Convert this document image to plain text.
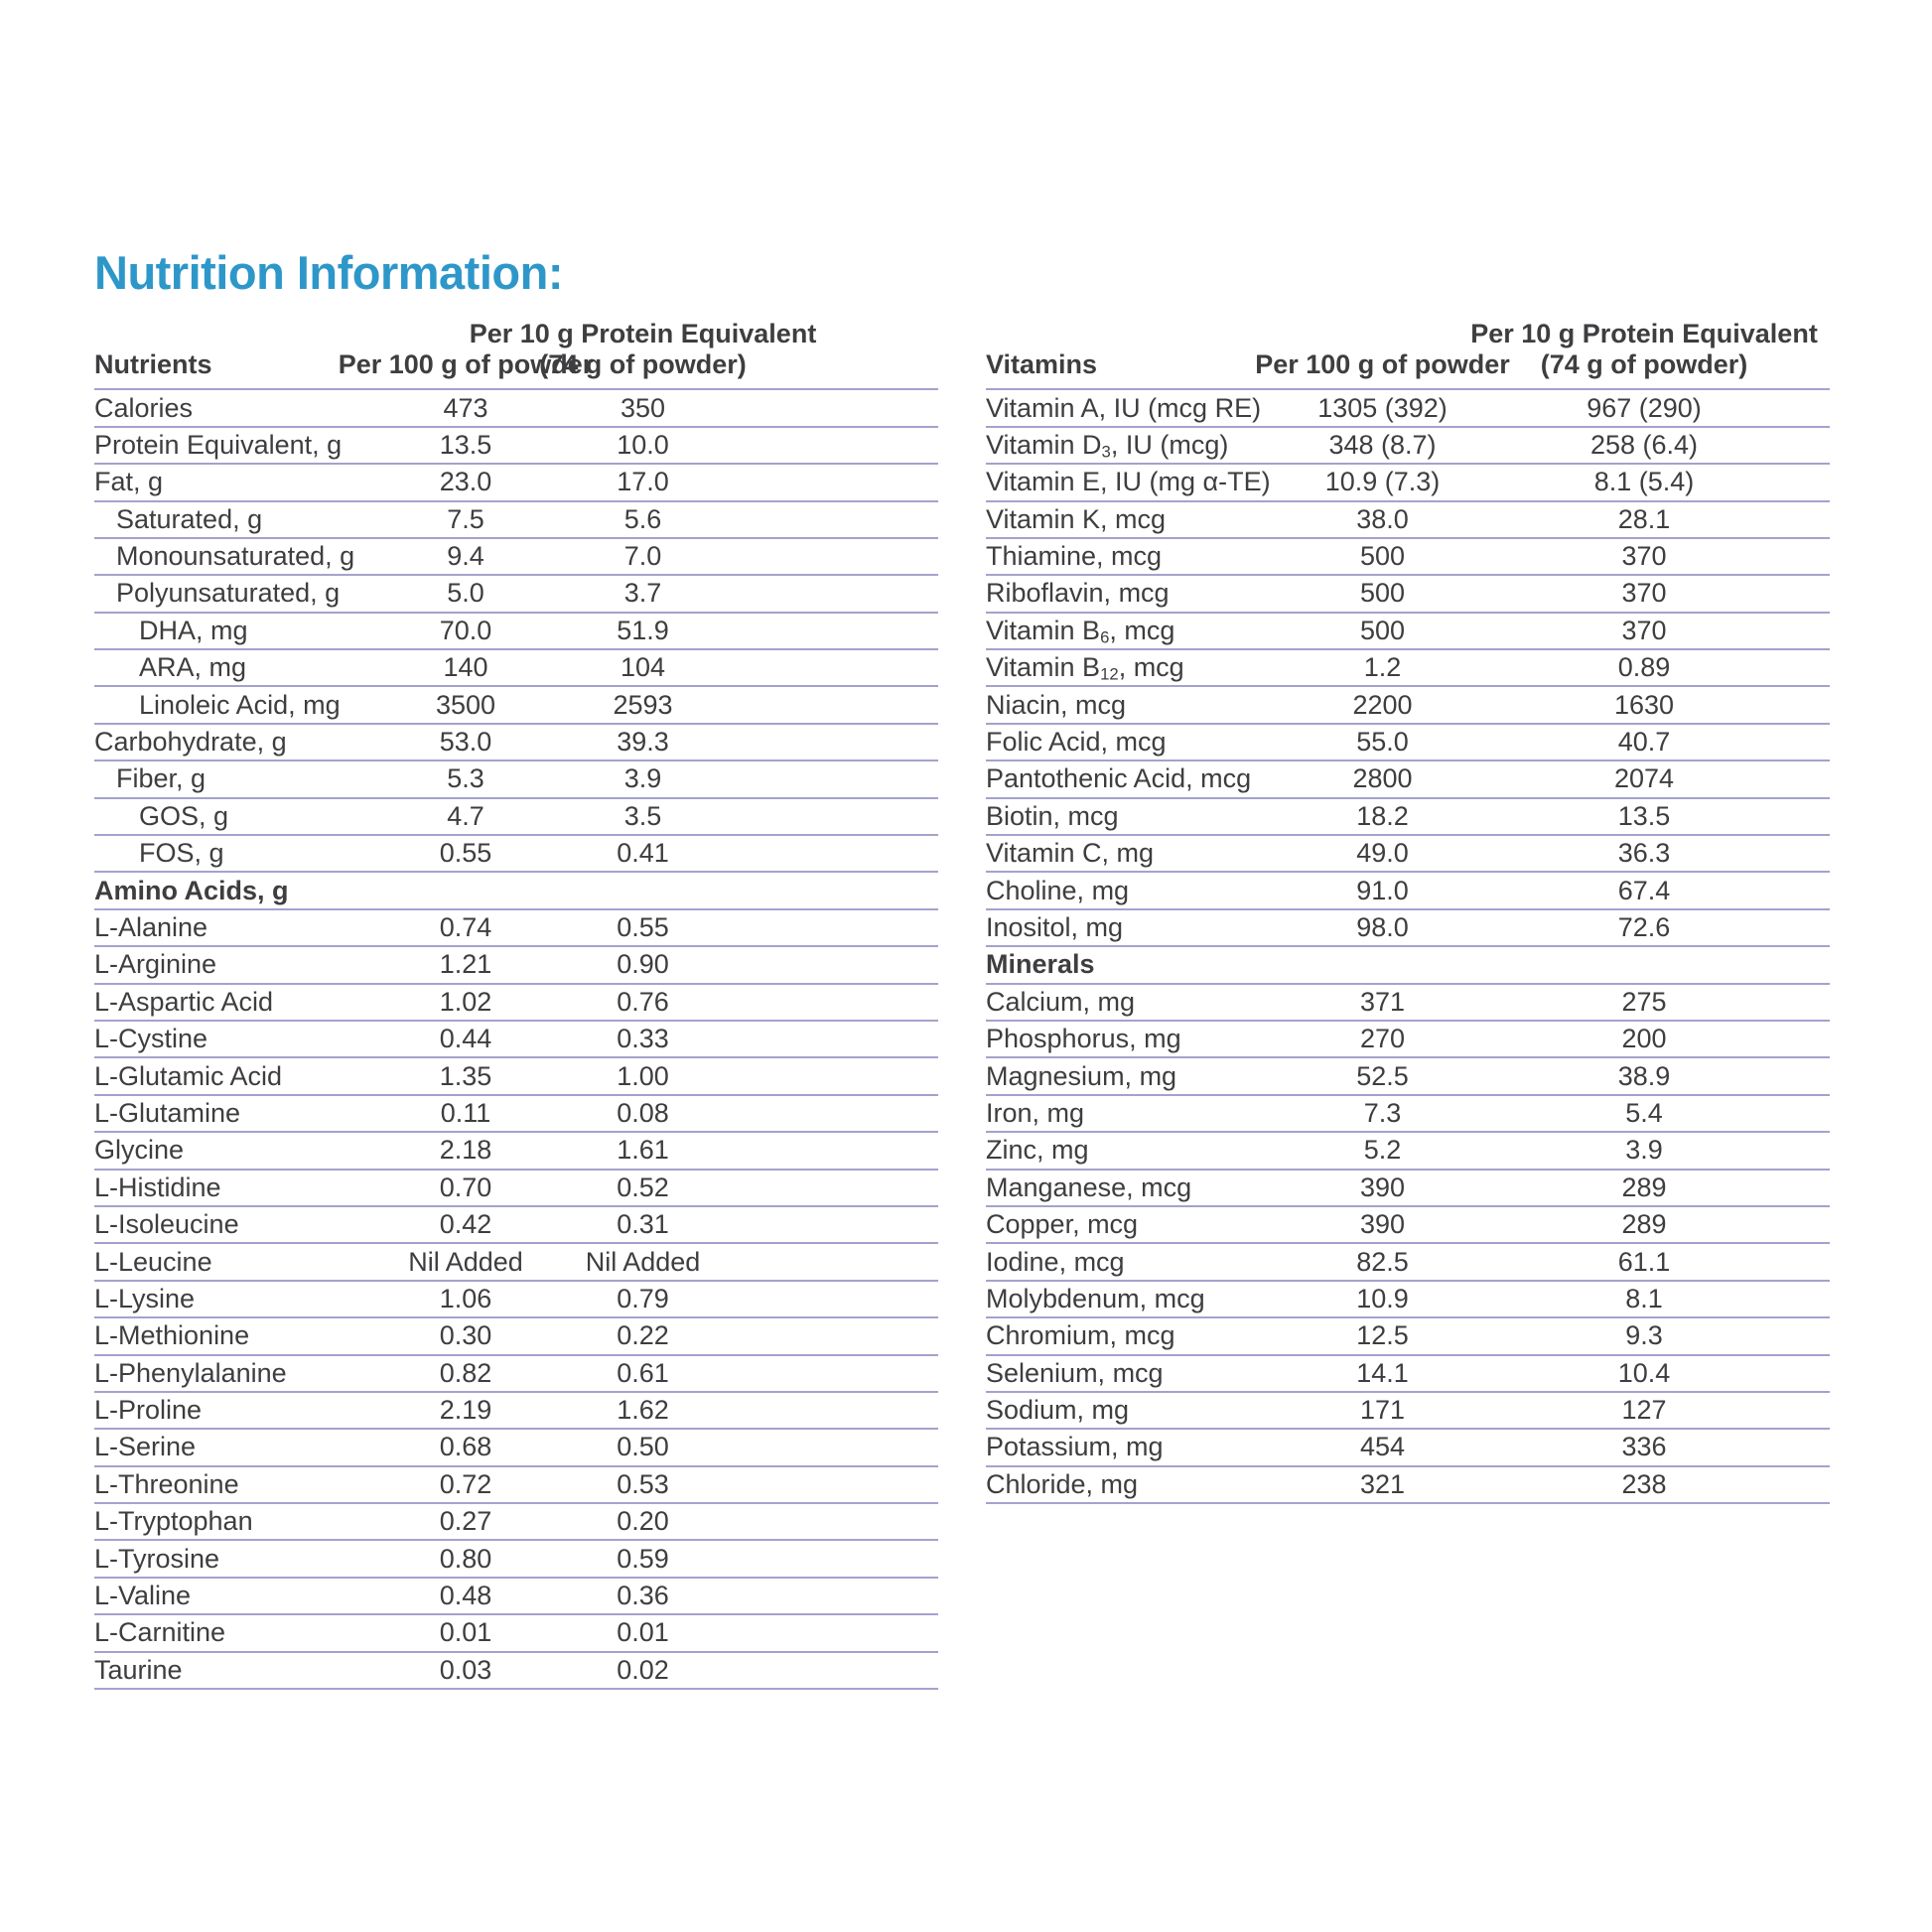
Nutrition Information:
Nutrients	Per 100 g of powder
Per 10 g Protein Equivalent
(74 g of powder)
Calories	473	350
Protein Equivalent, g	13.5	10.0
Fat, g	23.0	17.0
Saturated, g	7.5	5.6
Monounsaturated, g	9.4	7.0
Polyunsaturated, g	5.0	3.7
DHA, mg	70.0	51.9
ARA, mg	140	104
Linoleic Acid, mg	3500	2593
Carbohydrate, g	53.0	39.3
Fiber, g	5.3	3.9
GOS, g	4.7	3.5
FOS, g	0.55	0.41
Amino Acids, g
L-Alanine	0.74	0.55
L-Arginine	1.21	0.90
L-Aspartic Acid	1.02	0.76
L-Cystine	0.44	0.33
L-Glutamic Acid	1.35	1.00
L-Glutamine	0.11	0.08
Glycine	2.18	1.61
L-Histidine	0.70	0.52
L-Isoleucine	0.42	0.31
L-Leucine	Nil Added	Nil Added
L-Lysine	1.06	0.79
L-Methionine	0.30	0.22
L-Phenylalanine	0.82	0.61
L-Proline	2.19	1.62
L-Serine	0.68	0.50
L-Threonine	0.72	0.53
L-Tryptophan	0.27	0.20
L-Tyrosine	0.80	0.59
L-Valine	0.48	0.36
L-Carnitine	0.01	0.01
Taurine	0.03	0.02
Vitamins	Per 100 g of powder
Per 10 g Protein Equivalent
(74 g of powder)
Vitamin A, IU (mcg RE)	1305 (392)	967 (290)
Vitamin $D_3$, IU (mcg)	348 (8.7)	258 (6.4)
Vitamin E, IU (mg α-TE)	10.9 (7.3)	8.1 (5.4)
Vitamin K, mcg	38.0	28.1
Thiamine, mcg	500	370
Riboflavin, mcg	500	370
Vitamin $B_6$, mcg	500	370
Vitamin $B_{12}$, mcg	1.2	0.89
Niacin, mcg	2200	1630
Folic Acid, mcg	55.0	40.7
Pantothenic Acid, mcg	2800	2074
Biotin, mcg	18.2	13.5
Vitamin C, mg	49.0	36.3
Choline, mg	91.0	67.4
Inositol, mg	98.0	72.6
Minerals
Calcium, mg	371	275
Phosphorus, mg	270	200
Magnesium, mg	52.5	38.9
Iron, mg	7.3	5.4
Zinc, mg	5.2	3.9
Manganese, mcg	390	289
Copper, mcg	390	289
Iodine, mcg	82.5	61.1
Molybdenum, mcg	10.9	8.1
Chromium, mcg	12.5	9.3
Selenium, mcg	14.1	10.4
Sodium, mg	171	127
Potassium, mg	454	336
Chloride, mg	321	238
